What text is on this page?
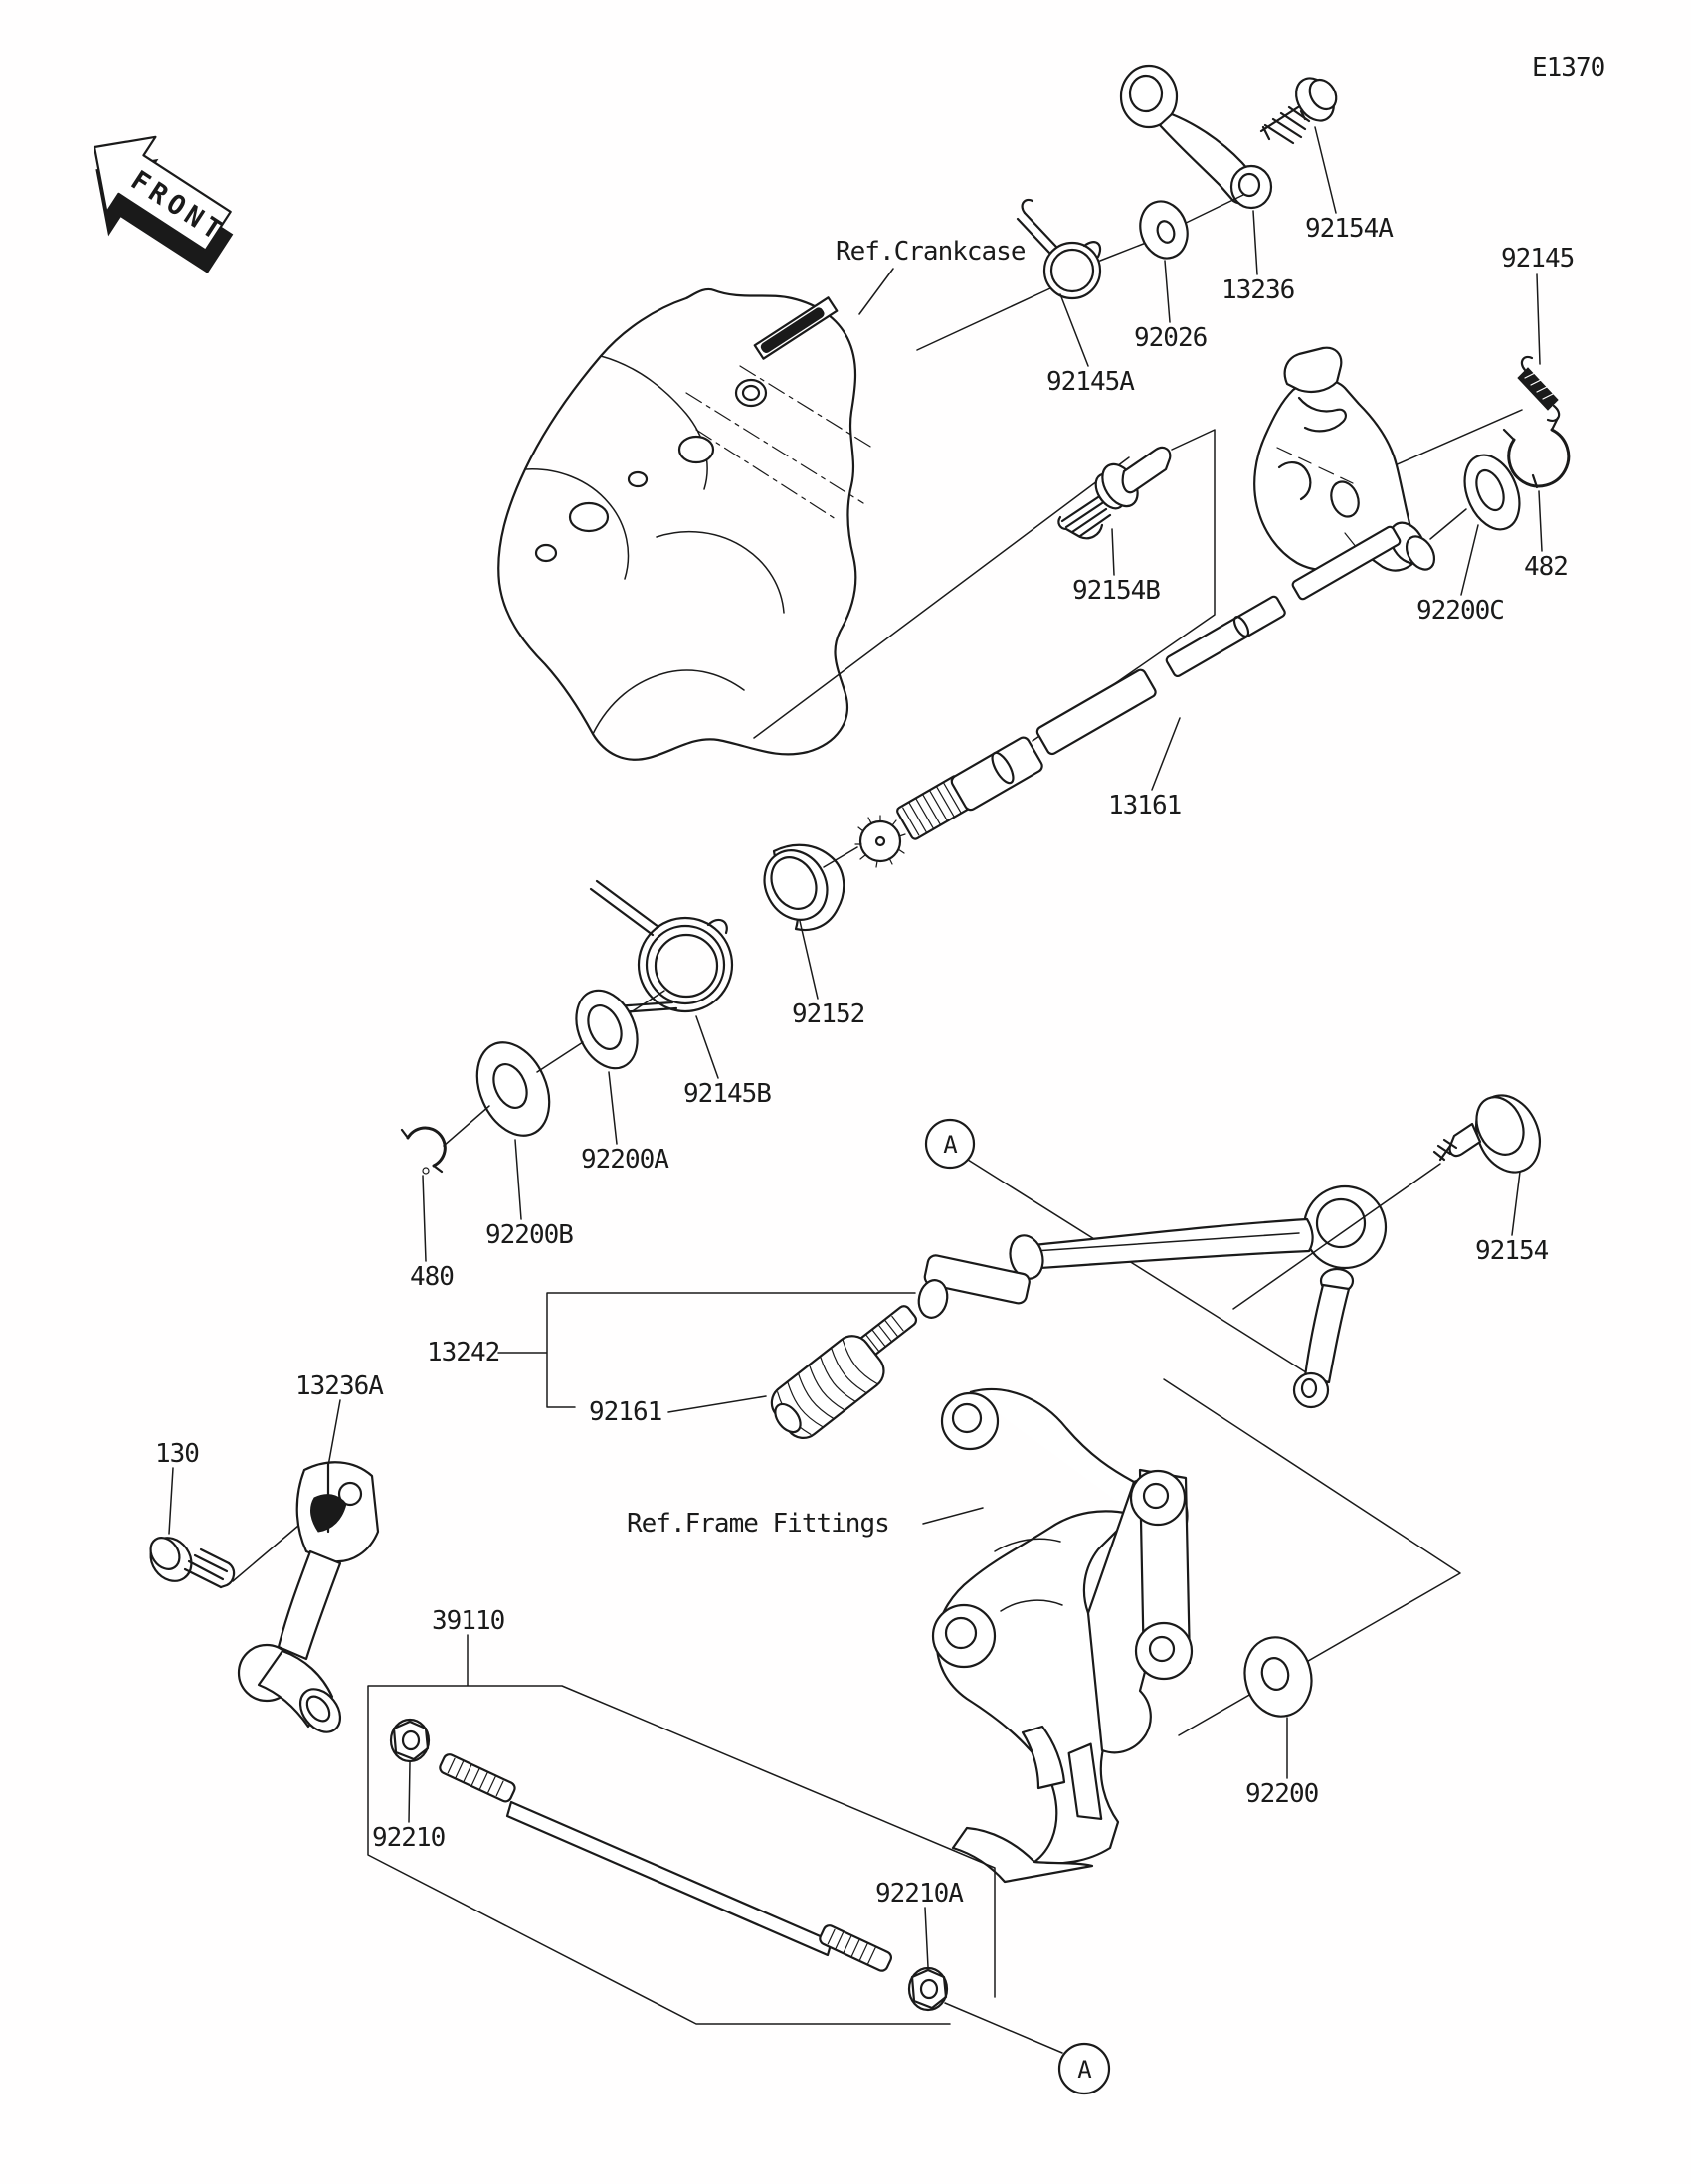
FRONT
E1370
Ref.Crankcase
92154A
13236
92026
92145A
92145
482
92200C
92154B
13161
92152
92145B
92200A
92200B
480
A
13242
92161
92154
Ref.Frame Fittings
92200
13236A
130
39110
92210
92210A
A
